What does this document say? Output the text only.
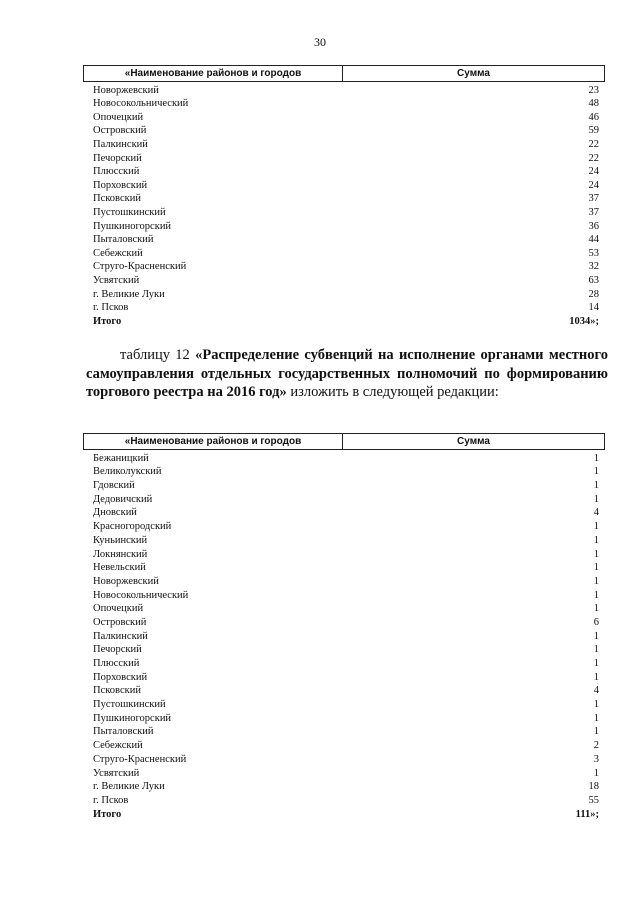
30
«Наименование районов и городов	Сумма
Новоржевский	23
Новосокольнический	48
Опочецкий	46
Островский	59
Палкинский	22
Печорский	22
Плюсский	24
Порховский	24
Псковский	37
Пустошкинский	37
Пушкиногорский	36
Пыталовский	44
Себежский	53
Струго-Красненский	32
Усвятский	63
г. Великие Луки	28
г. Псков	14
Итого	1034»;
таблицу 12 «Распределение субвенций на исполнение органами местного самоуправления отдельных государственных полномочий по формированию торгового реестра на 2016 год» изложить в следующей редакции:
«Наименование районов и городов	Сумма
Бежаницкий	1
Великолукский	1
Гдовский	1
Дедовичский	1
Дновский	4
Красногородский	1
Куньинский	1
Локнянский	1
Невельский	1
Новоржевский	1
Новосокольнический	1
Опочецкий	1
Островский	6
Палкинский	1
Печорский	1
Плюсский	1
Порховский	1
Псковский	4
Пустошкинский	1
Пушкиногорский	1
Пыталовский	1
Себежский	2
Струго-Красненский	3
Усвятский	1
г. Великие Луки	18
г. Псков	55
Итого	111»;
